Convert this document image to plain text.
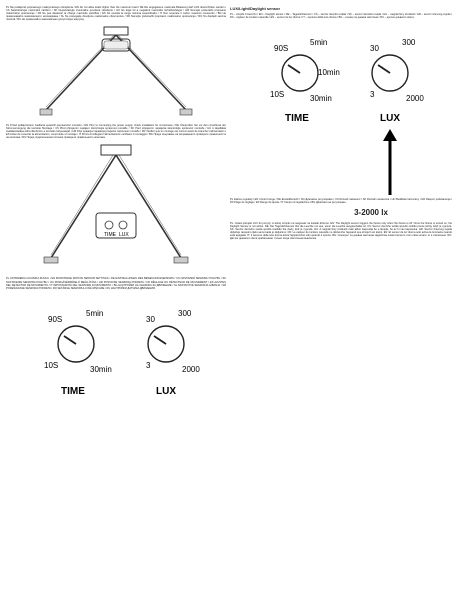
PL Nie podłączać poprawnego maksymalnego obciążenia / EN Do not allow loads higher than the maximum load / DE Die angegebene maximale Belastung darf nicht überschritten werden / CS Nepřekračujte maximální zatížení / SK Neprekračujte maximálne povolené zaťaženie / HU Ne lépje túl a megadott maximális terhelhetőséget / HR Nemojte prekoračiti propisano maksimalno opterećenje / FR Ne pas dépasser la charge maximale spécifiée / ES No exceda la carga máxima especificada / IT Non superare il carico massimo consentito / BG Не превишавайте максималното натоварване / SL Ne presegajte dovoljene maksimalne obremenitve / SR Nemojte prekoračiti propisano maksimalno opterećenje / RO Nu depășiți sarcina maximă / RU Не превышайте максимально допустимую нагрузку.
PL Przed podłączeniem zasilania sprawdź poprawność montażu / EN Prior to connecting the power supply, check installation for correctness / DE Überprüfen Sie vor dem Anschluss der Stromversorgung die korrekte Montage / CS Před připojením napájení zkontrolujte správnost montáže / SK Pred pripojením napájania skontrolujte správnosť montáže / HU A tápellátás csatlakoztatása előtt ellenőrizze a szerelés helyességét / HR Prije spajanja napajanja provjerite ispravnost montaže / FR Vérifiez que le montage est correct avant de brancher l'alimentation / ES Antes de conectar la alimentación, compruebe el montaje / IT Prima di collegare l'alimentazione verificare il montaggio / BG Преди свързване на захранването проверете правилността на монтажа / RU Перед подключением питания проверьте правильность монтажа.
TIME LUX
PL USTAWIENIA CZUJNIKA RUCHU / EN MICROWAVE MOTION SENSOR SETTINGS / DE EINSTELLUNGEN DES BEWEGUNGSSENSORS / CS NASTAVENÍ SENZORU POHYBU / SK NASTAVENIE SENZORA POHYBU / HU MOZGÁSÉRZÉKELŐ BEÁLLÍTÁSA / HR POSTAVKE SENZORA POKRETA / FR RÉGLAGE DU DÉTECTEUR DE MOUVEMENT / ES AJUSTES DEL DETECTOR DE MOVIMIENTO / IT IMPOSTAZIONI DEL SENSORE DI MOVIMENTO / BG НАСТРОЙКИ НА СЕНЗОРА ЗА ДВИЖЕНИЕ / SL NASTAVITVE SENZORJA GIBANJA / SR PODEŠAVANJE SENZORA POKRETA / RO SETĂRILE SENZORULUI DE MIȘCARE / RU НАСТРОЙКИ ДАТЧИКА ДВИЖЕНИЯ.
90S
5min
10S	30min
TIME
30
300
3	2000
LUX
LUX/Light/Daylight sensor
PL – czujnik zmierzchu / EN – Daylight sensor / DE – Tageslichtsensor / CS – senzor denního světla / SK – senzor denného svetla / HU – nappali fény érzékelő / HR – senzor dnevnog svjetla / FR – capteur de lumière naturelle / ES – sensor de luz diurna / IT – sensore della luce diurna / BG – сензор за дневна светлина / RU – датчик дневного света.
90S
5min
10S
10min
30min
TIME
30
300
3	2000
LUX
PL Zakres regulacji / EN Control range / DE Einstellbereich / RU Диапазон регулировки / CS Rozsah nastavení / SK Rozsah nastavenia / HU Beállítási tartomány / HR Raspon podešavanja / FR Plage de réglage / ES Rango de ajuste / IT Campo di regolazione / BG Диапазон на регулиране.
3-2000 lx
PL: Ustaw pokrętło LUX do pozycji, w której czujnik ma reagować na światło dzienne. EN: The Daylight sensor triggers the fixture only when the fixture is off. Once the fixture is turned on, the Daylight Sensor is not active. DE: Der Tageslichtsensor löst die Leuchte nur aus, wenn die Leuchte ausgeschaltet ist. CS: Senzor denního světla spouští svítidlo pouze tehdy, když je vypnuté. SK: Senzor denného svetla spúšťa svietidlo iba vtedy, keď je vypnuté. HU: A nappali fény érzékelő csak akkor kapcsolja be a lámpát, ha az ki van kapcsolva. HR: Senzor dnevnog svjetla uključuje rasvjetno tijelo samo kada je isključeno. FR: Le capteur de lumière naturelle ne déclenche l'appareil que lorsqu'il est éteint. ES: El sensor de luz diurna solo activa la luminaria cuando está apagada. IT: Il sensore della luce diurna attiva l'apparecchio solo quando è spento. BG: Сензорът за дневна светлина задейства осветителното тяло само когато то е изключено. RU: Датчик дневного света срабатывает только когда светильник выключен.
